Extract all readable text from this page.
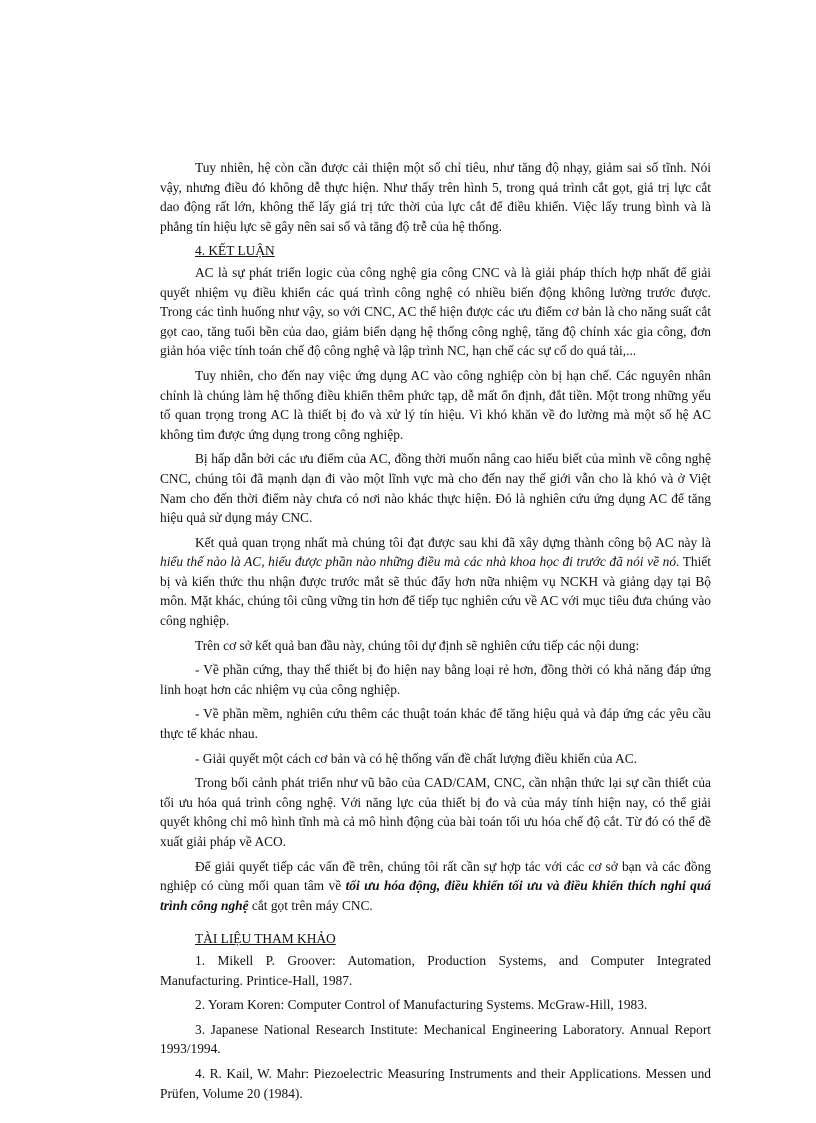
Tuy nhiên, hệ còn cần được cải thiện một số chỉ tiêu, như tăng độ nhạy, giảm sai số tĩnh. Nói vậy, nhưng điều đó không dễ thực hiện. Như thấy trên hình 5, trong quá trình cắt gọt, giá trị lực cắt dao động rất lớn, không thể lấy giá trị tức thời của lực cắt để điều khiển. Việc lấy trung bình và là phẳng tín hiệu lực sẽ gây nên sai số và tăng độ trễ của hệ thống.

4. KẾT LUẬN

AC là sự phát triển logic của công nghệ gia công CNC và là giải pháp thích hợp nhất để giải quyết nhiệm vụ điều khiển các quá trình công nghệ có nhiều biến động không lường trước được. Trong các tình huống như vậy, so với CNC, AC thể hiện được các ưu điểm cơ bản là cho năng suất cắt gọt cao, tăng tuổi bền của dao, giảm biến dạng hệ thống công nghệ, tăng độ chính xác gia công, đơn giản hóa việc tính toán chế độ công nghệ và lập trình NC, hạn chế các sự cố do quá tải,...

Tuy nhiên, cho đến nay việc ứng dụng AC vào công nghiệp còn bị hạn chế. Các nguyên nhân chính là chúng làm hệ thống điều khiển thêm phức tạp, dễ mất ổn định, đắt tiền. Một trong những yếu tố quan trọng trong AC là thiết bị đo và xử lý tín hiệu. Vì khó khăn về đo lường mà một số hệ AC không tìm được ứng dụng trong công nghiệp.

Bị hấp dẫn bởi các ưu điểm của AC, đồng thời muốn nâng cao hiểu biết của mình về công nghệ CNC, chúng tôi đã mạnh dạn đi vào một lĩnh vực mà cho đến nay thế giới vẫn cho là khó và ở Việt Nam cho đến thời điểm này chưa có nơi nào khác thực hiện. Đó là nghiên cứu ứng dụng AC để tăng hiệu quả sử dụng máy CNC.

Kết quả quan trọng nhất mà chúng tôi đạt được sau khi đã xây dựng thành công bộ AC này là hiểu thế nào là AC, hiểu được phần nào những điều mà các nhà khoa học đi trước đã nói về nó. Thiết bị và kiến thức thu nhận được trước mắt sẽ thúc đẩy hơn nữa nhiệm vụ NCKH và giảng dạy tại Bộ môn. Mặt khác, chúng tôi cũng vững tin hơn để tiếp tục nghiên cứu về AC với mục tiêu đưa chúng vào công nghiệp.

Trên cơ sở kết quả ban đầu này, chúng tôi dự định sẽ nghiên cứu tiếp các nội dung:

- Về phần cứng, thay thế thiết bị đo hiện nay bằng loại rẻ hơn, đồng thời có khả năng đáp ứng linh hoạt hơn các nhiệm vụ của công nghiệp.

- Về phần mềm, nghiên cứu thêm các thuật toán khác để tăng hiệu quả và đáp ứng các yêu cầu thực tế khác nhau.

- Giải quyết một cách cơ bản và có hệ thống vấn đề chất lượng điều khiển của AC.

Trong bối cảnh phát triển như vũ bão của CAD/CAM, CNC, cần nhận thức lại sự cần thiết của tối ưu hóa quá trình công nghệ. Với năng lực của thiết bị đo và của máy tính hiện nay, có thể giải quyết không chỉ mô hình tĩnh mà cả mô hình động của bài toán tối ưu hóa chế độ cắt. Từ đó có thể đề xuất giải pháp về ACO.

Để giải quyết tiếp các vấn đề trên, chúng tôi rất cần sự hợp tác với các cơ sở bạn và các đồng nghiệp có cùng mối quan tâm về tối ưu hóa động, điều khiển tối ưu và điều khiển thích nghi quá trình công nghệ cắt gọt trên máy CNC.

TÀI LIỆU THAM KHẢO

1. Mikell P. Groover: Automation, Production Systems, and Computer Integrated Manufacturing. Printice-Hall, 1987.

2. Yoram Koren: Computer Control of Manufacturing Systems. McGraw-Hill, 1983.

3. Japanese National Research Institute: Mechanical Engineering Laboratory. Annual Report 1993/1994.

4. R. Kail, W. Mahr: Piezoelectric Measuring Instruments and their Applications. Messen und Prüfen, Volume 20 (1984).
